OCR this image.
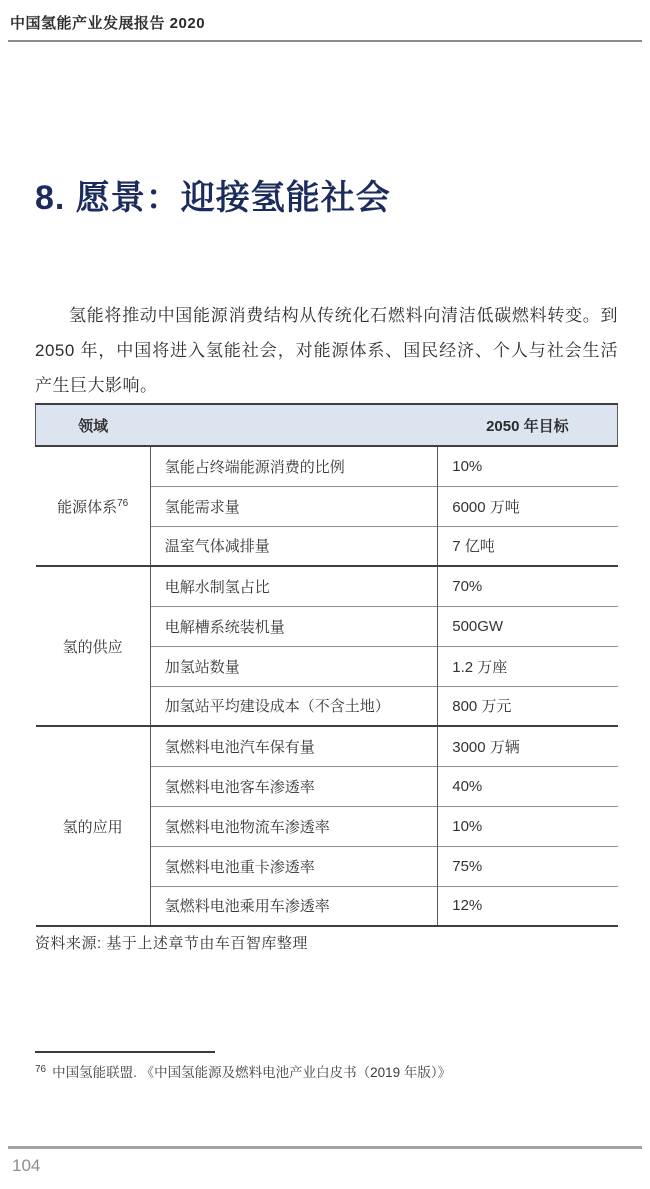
中国氢能产业发展报告 2020
8. 愿景：迎接氢能社会

氢能将推动中国能源消费结构从传统化石燃料向清洁低碳燃料转变。到 2050 年，中国将进入氢能社会，对能源体系、国民经济、个人与社会生活产生巨大影响。

领域		2050 年目标
能源体系$^{76}$	氢能占终端能源消费的比例	10%
	氢能需求量	6000 万吨
	温室气体减排量	7 亿吨
氢的供应	电解水制氢占比	70%
	电解槽系统装机量	500GW
	加氢站数量	1.2 万座
	加氢站平均建设成本（不含土地）	800 万元
氢的应用	氢燃料电池汽车保有量	3000 万辆
	氢燃料电池客车渗透率	40%
	氢燃料电池物流车渗透率	10%
	氢燃料电池重卡渗透率	75%
	氢燃料电池乘用车渗透率	12%
资料来源: 基于上述章节由车百智库整理
$^{76}$ 中国氢能联盟. 《中国氢能源及燃料电池产业白皮书（2019 年版）》
104
